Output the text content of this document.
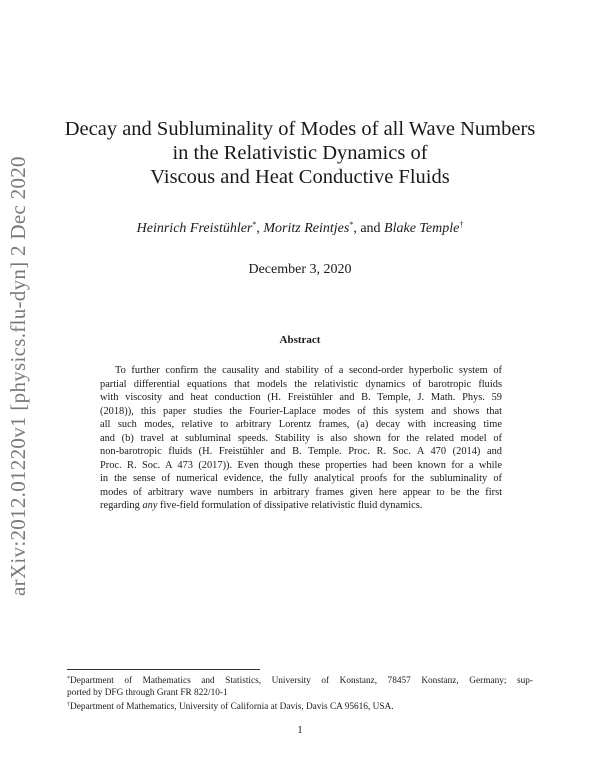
arXiv:2012.01220v1 [physics.flu-dyn] 2 Dec 2020
Decay and Subluminality of Modes of all Wave Numbers
in the Relativistic Dynamics of
Viscous and Heat Conductive Fluids
Heinrich Freistühler*, Moritz Reintjes*, and Blake Temple†
December 3, 2020
Abstract
To further confirm the causality and stability of a second-order hyperbolic system of
partial differential equations that models the relativistic dynamics of barotropic fluids
with viscosity and heat conduction (H. Freistühler and B. Temple, J. Math. Phys. 59
(2018)), this paper studies the Fourier-Laplace modes of this system and shows that
all such modes, relative to arbitrary Lorentz frames, (a) decay with increasing time
and (b) travel at subluminal speeds. Stability is also shown for the related model of
non-barotropic fluids (H. Freistühler and B. Temple. Proc. R. Soc. A 470 (2014) and
Proc. R. Soc. A 473 (2017)). Even though these properties had been known for a while
in the sense of numerical evidence, the fully analytical proofs for the subluminality of
modes of arbitrary wave numbers in arbitrary frames given here appear to be the first
regarding any five-field formulation of dissipative relativistic fluid dynamics.
*Department of Mathematics and Statistics, University of Konstanz, 78457 Konstanz, Germany; sup-
ported by DFG through Grant FR 822/10-1
†Department of Mathematics, University of California at Davis, Davis CA 95616, USA.
1
